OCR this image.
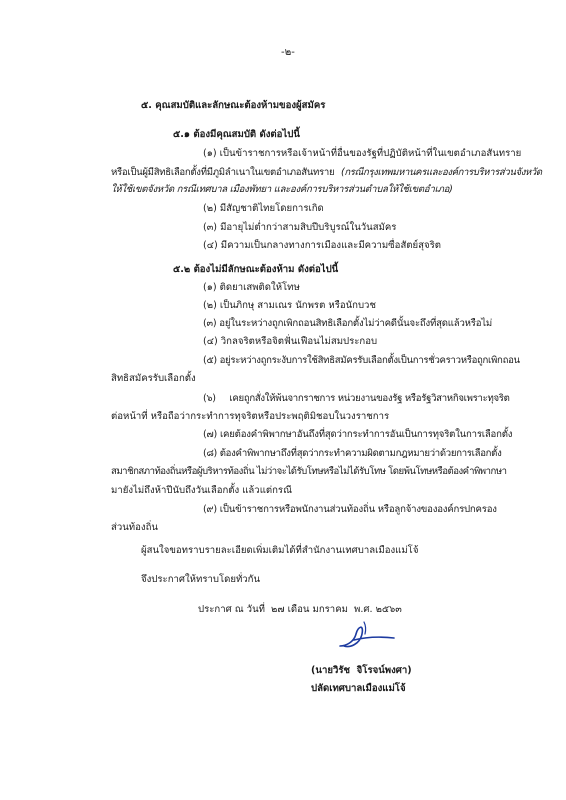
-๒-
๕. คุณสมบัติและลักษณะต้องห้ามของผู้สมัคร
๕.๑ ต้องมีคุณสมบัติ ดังต่อไปนี้
(๑) เป็นข้าราชการหรือเจ้าหน้าที่อื่นของรัฐที่ปฏิบัติหน้าที่ในเขตอำเภอสันทราย
หรือเป็นผู้มีสิทธิเลือกตั้งที่มีภูมิลำเนาในเขตอำเภอสันทราย (กรณีกรุงเทพมหานครและองค์การบริหารส่วนจังหวัด
ให้ใช้เขตจังหวัด กรณีเทศบาล เมืองพัทยา และองค์การบริหารส่วนตำบลให้ใช้เขตอำเภอ)
(๒) มีสัญชาติไทยโดยการเกิด
(๓) มีอายุไม่ต่ำกว่าสามสิบปีบริบูรณ์ในวันสมัคร
(๔) มีความเป็นกลางทางการเมืองและมีความซื่อสัตย์สุจริต
๕.๒ ต้องไม่มีลักษณะต้องห้าม ดังต่อไปนี้
(๑) ติดยาเสพติดให้โทษ
(๒) เป็นภิกษุ สามเณร นักพรต หรือนักบวช
(๓) อยู่ในระหว่างถูกเพิกถอนสิทธิเลือกตั้งไม่ว่าคดีนั้นจะถึงที่สุดแล้วหรือไม่
(๔) วิกลจริตหรือจิตฟั่นเฟือนไม่สมประกอบ
(๕) อยู่ระหว่างถูกระงับการใช้สิทธิสมัครรับเลือกตั้งเป็นการชั่วคราวหรือถูกเพิกถอน
สิทธิสมัครรับเลือกตั้ง
(๖)     เคยถูกสั่งให้พ้นจากราชการ หน่วยงานของรัฐ หรือรัฐวิสาหกิจเพราะทุจริต
ต่อหน้าที่ หรือถือว่ากระทำการทุจริตหรือประพฤติมิชอบในวงราชการ
(๗) เคยต้องคำพิพากษาอันถึงที่สุดว่ากระทำการอันเป็นการทุจริตในการเลือกตั้ง
(๘) ต้องคำพิพากษาถึงที่สุดว่ากระทำความผิดตามกฎหมายว่าด้วยการเลือกตั้ง
สมาชิกสภาท้องถิ่นหรือผู้บริหารท้องถิ่น ไม่ว่าจะได้รับโทษหรือไม่ได้รับโทษ โดยพ้นโทษหรือต้องคำพิพากษา
มายังไม่ถึงห้าปีนับถึงวันเลือกตั้ง แล้วแต่กรณี
(๙) เป็นข้าราชการหรือพนักงานส่วนท้องถิ่น หรือลูกจ้างขององค์กรปกครอง
ส่วนท้องถิ่น
ผู้สนใจขอทราบรายละเอียดเพิ่มเติมได้ที่สำนักงานเทศบาลเมืองแม่โจ้
จึงประกาศให้ทราบโดยทั่วกัน
ประกาศ ณ วันที่  ๒๗ เดือน มกราคม  พ.ศ. ๒๕๖๓
(นายวิรัช  จิโรจน์พงศา)
ปลัดเทศบาลเมืองแม่โจ้
